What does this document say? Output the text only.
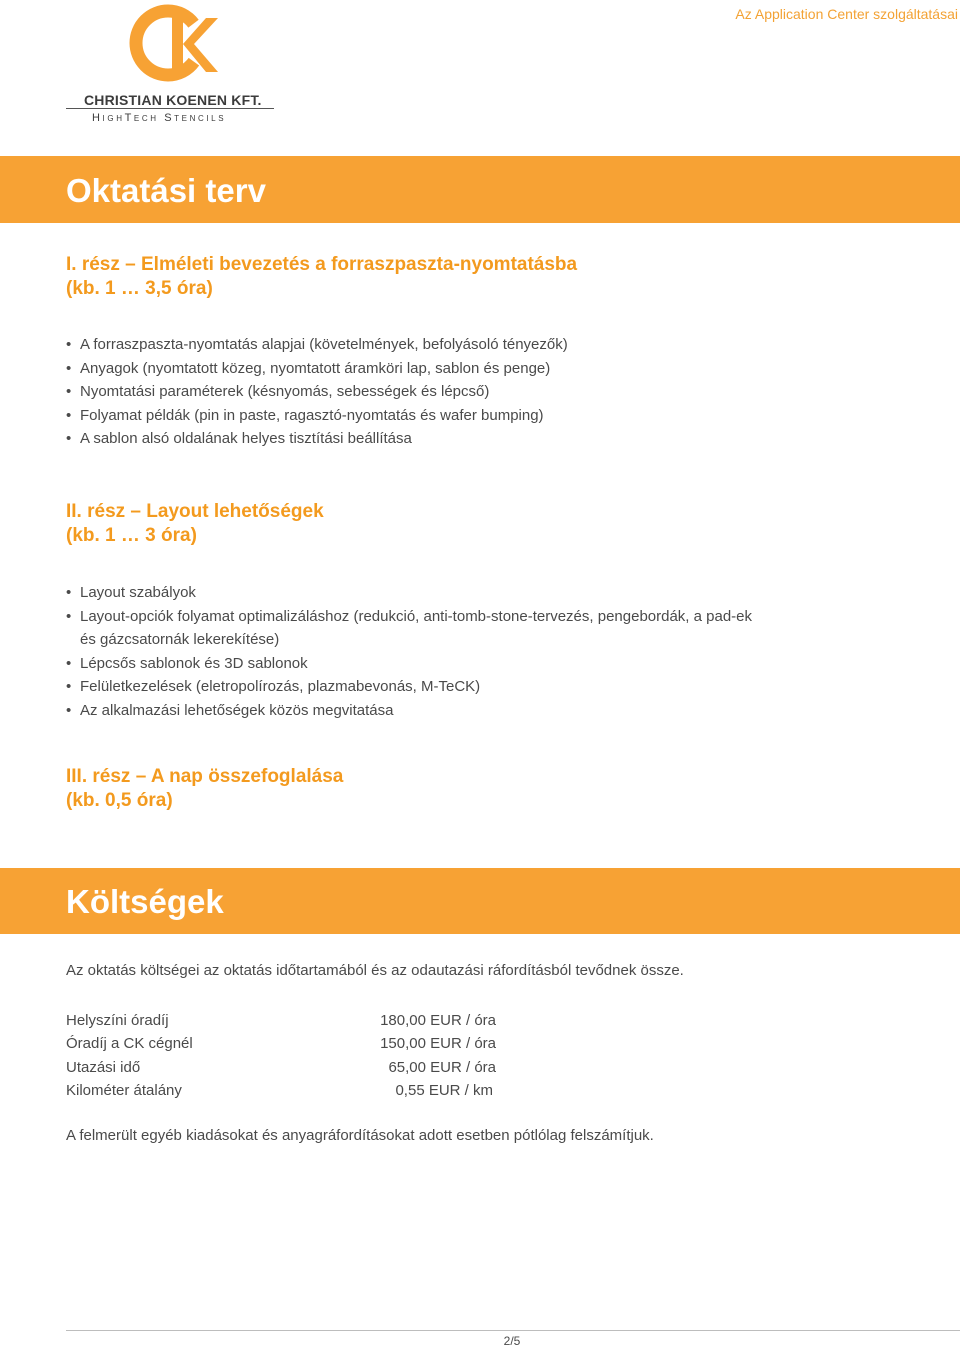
CHRISTIAN KOENEN KFT.
HighTech Stencils
Az Application Center szolgáltatásai
Oktatási terv
I. rész – Elméleti bevezetés a forraszpaszta-nyomtatásba
(kb. 1 … 3,5 óra)
• A forraszpaszta-nyomtatás alapjai (követelmények, befolyásoló tényezők)
• Anyagok (nyomtatott közeg, nyomtatott áramköri lap, sablon és penge)
• Nyomtatási paraméterek (késnyomás, sebességek és lépcső)
• Folyamat példák (pin in paste, ragasztó-nyomtatás és wafer bumping)
• A sablon alsó oldalának helyes tisztítási beállítása
II. rész – Layout lehetőségek
(kb. 1 … 3 óra)
• Layout szabályok
• Layout-opciók folyamat optimalizáláshoz (redukció, anti-tomb-stone-tervezés, pengebordák, a pad-ek és gázcsatornák lekerekítése)
• Lépcsős sablonok és 3D sablonok
• Felületkezelések (eletropolírozás, plazmabevonás, M-TeCK)
• Az alkalmazási lehetőségek közös megvitatása
III. rész – A nap összefoglalása
(kb. 0,5 óra)
Költségek

Az oktatás költségei az oktatás időtartamából és az odautazási ráfordításból tevődnek össze.

Helyszíni óradíj	180,00 EUR / óra
Óradíj a CK cégnél	150,00 EUR / óra
Utazási idő	65,00 EUR / óra
Kilométer átalány	0,55 EUR / km

A felmerült egyéb kiadásokat és anyagráfordításokat adott esetben pótlólag felszámítjuk.

2/5
